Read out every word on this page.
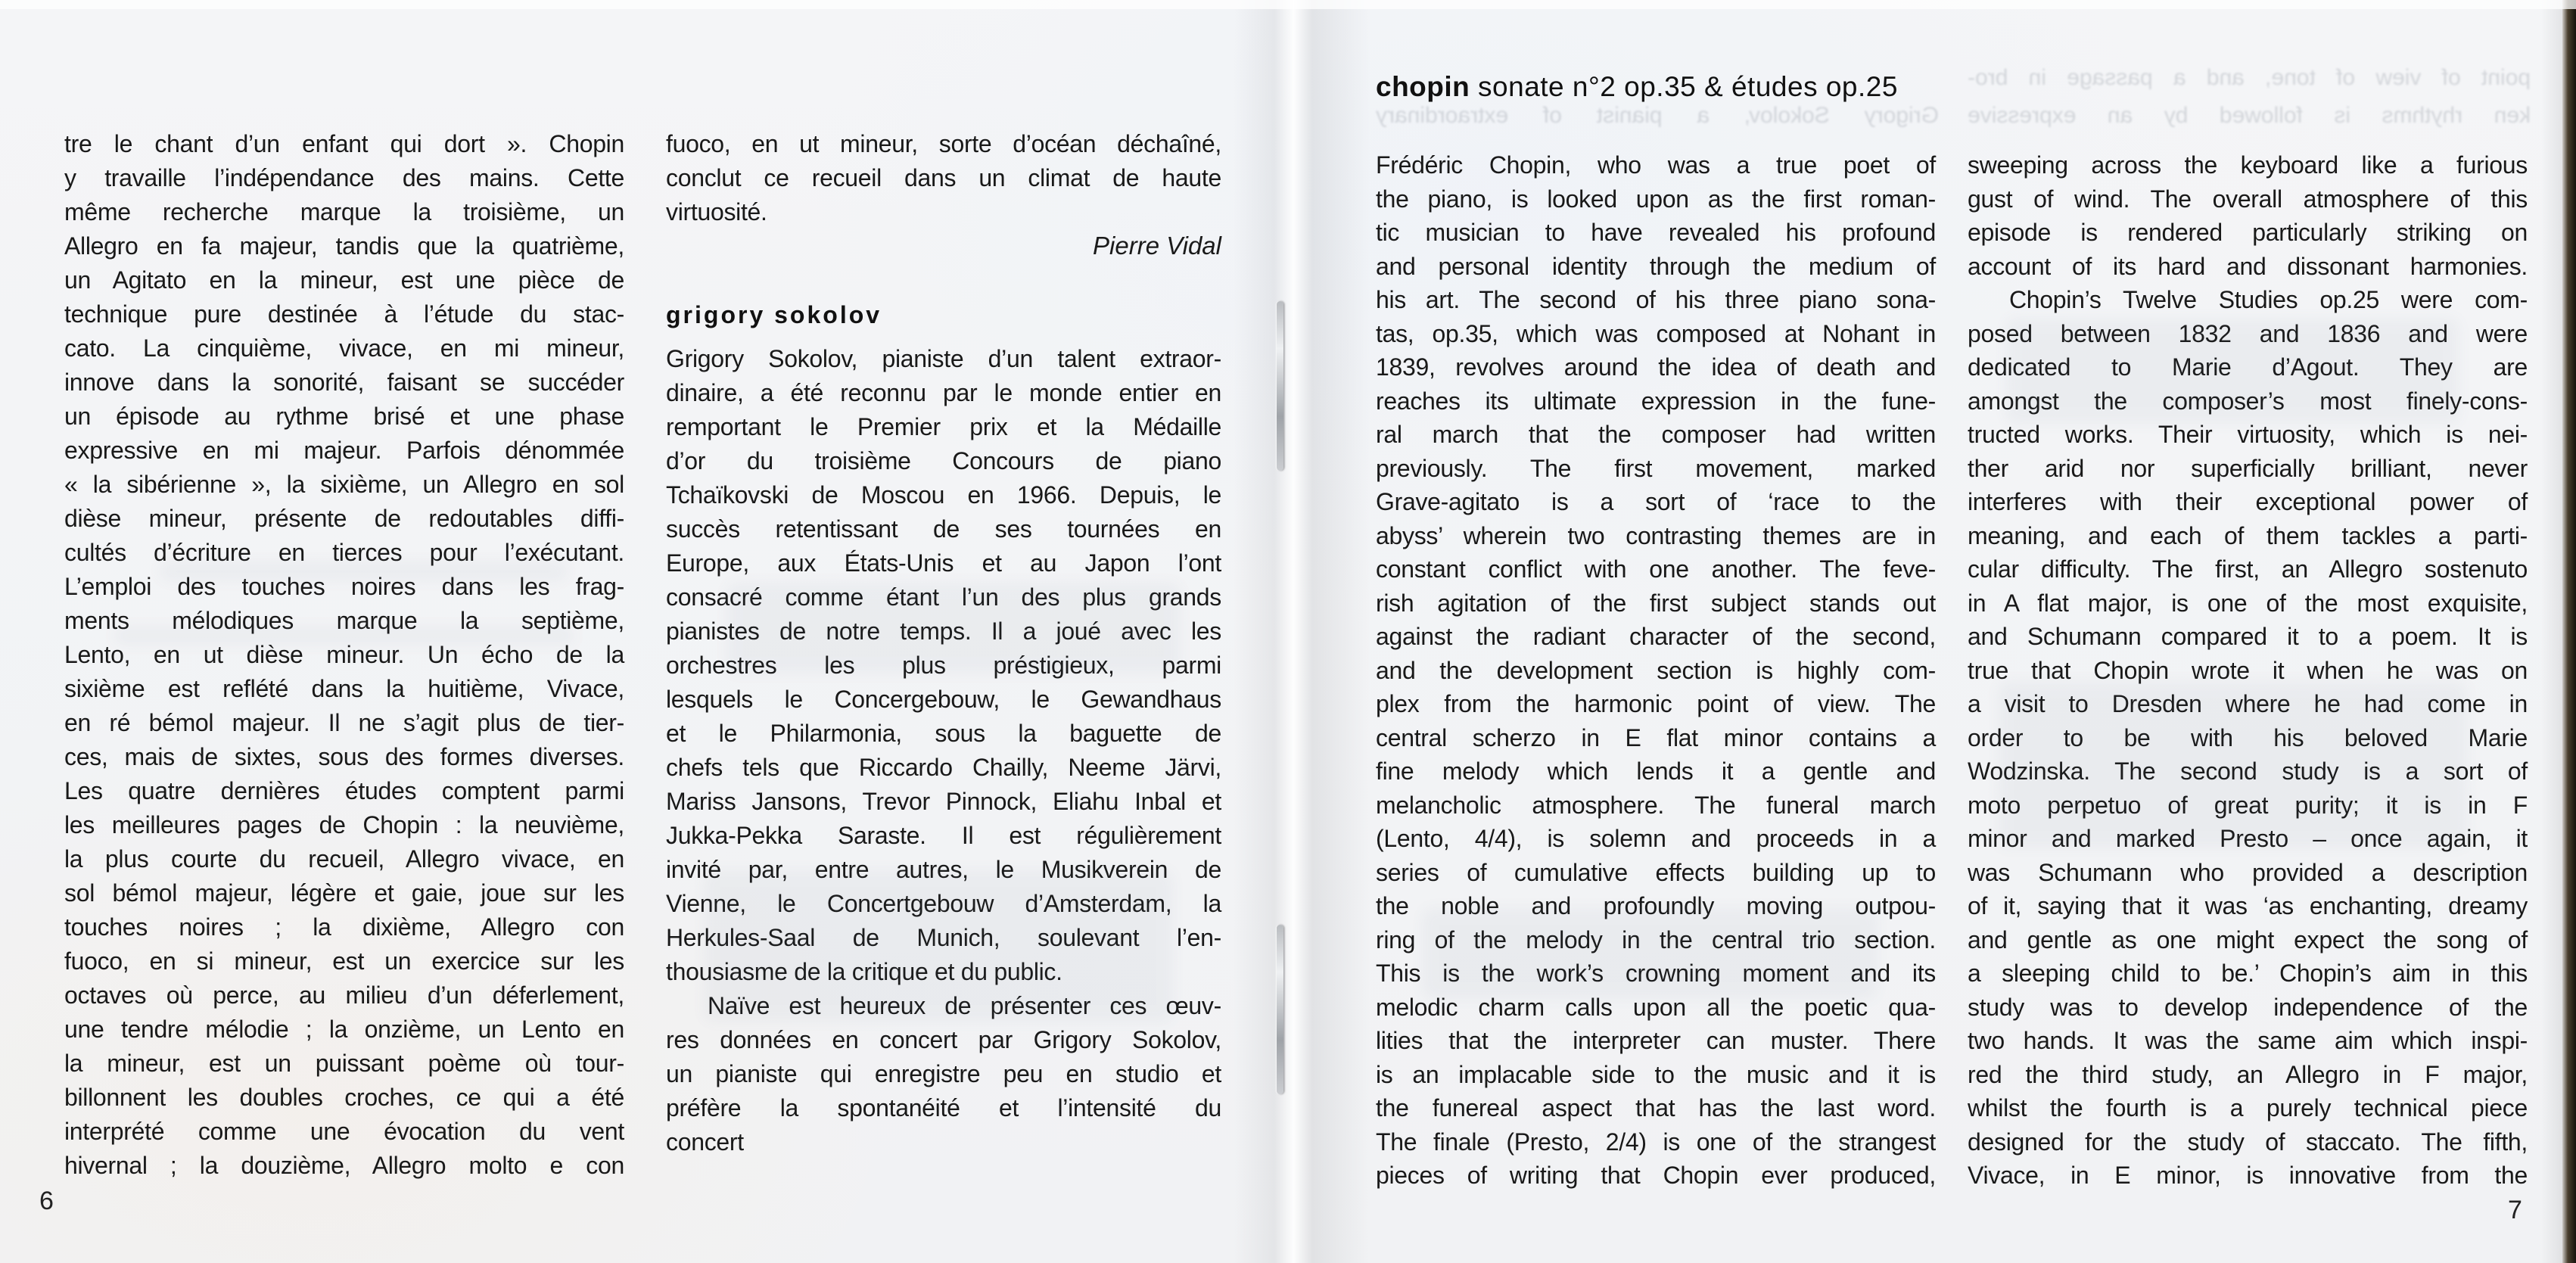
tre le chant d’un enfant qui dort ». Chopin
y travaille l’indépendance des mains. Cette
même recherche marque la troisième, un
Allegro en fa majeur, tandis que la quatrième,
un Agitato en la mineur, est une pièce de
technique pure destinée à l’étude du stac-
cato. La cinquième, vivace, en mi mineur,
innove dans la sonorité, faisant se succéder
un épisode au rythme brisé et une phase
expressive en mi majeur. Parfois dénommée
« la sibérienne », la sixième, un Allegro en sol
dièse mineur, présente de redoutables diffi-
cultés d’écriture en tierces pour l’exécutant.
L’emploi des touches noires dans les frag-
ments mélodiques marque la septième,
Lento, en ut dièse mineur. Un écho de la
sixième est reflété dans la huitième, Vivace,
en ré bémol majeur. Il ne s’agit plus de tier-
ces, mais de sixtes, sous des formes diverses.
Les quatre dernières études comptent parmi
les meilleures pages de Chopin : la neuvième,
la plus courte du recueil, Allegro vivace, en
sol bémol majeur, légère et gaie, joue sur les
touches noires ; la dixième, Allegro con
fuoco, en si mineur, est un exercice sur les
octaves où perce, au milieu d’un déferlement,
une tendre mélodie ; la onzième, un Lento en
la mineur, est un puissant poème où tour-
billonnent les doubles croches, ce qui a été
interprété comme une évocation du vent
hivernal ; la douzième, Allegro molto e con
fuoco, en ut mineur, sorte d’océan déchaîné,
conclut ce recueil dans un climat de haute
virtuosité.
Pierre Vidal
grigory sokolov
Grigory Sokolov, pianiste d’un talent extraor-
dinaire, a été reconnu par le monde entier en
remportant le Premier prix et la Médaille
d’or du troisième Concours de piano
Tchaïkovski de Moscou en 1966. Depuis, le
succès retentissant de ses tournées en
Europe, aux États-Unis et au Japon l’ont
consacré comme étant l’un des plus grands
pianistes de notre temps. Il a joué avec les
orchestres les plus préstigieux, parmi
lesquels le Concergebouw, le Gewandhaus
et le Philarmonia, sous la baguette de
chefs tels que Riccardo Chailly, Neeme Järvi,
Mariss Jansons, Trevor Pinnock, Eliahu Inbal et
Jukka-Pekka Saraste. Il est régulièrement
invité par, entre autres, le Musikverein de
Vienne, le Concertgebouw d’Amsterdam, la
Herkules-Saal de Munich, soulevant l’en-
thousiasme de la critique et du public.
Naïve est heureux de présenter ces œuv-
res données en concert par Grigory Sokolov,
un pianiste qui enregistre peu en studio et
préfère la spontanéité et l’intensité du
concert
6
chopin sonate n°2 op.35 & études op.25	point of view of tone, and a passage in bro-
ken rhythms is followed by an expressive
Grigory Sokolov, a pianist of extraordinary
Frédéric Chopin, who was a true poet of
the piano, is looked upon as the first roman-
tic musician to have revealed his profound
and personal identity through the medium of
his art. The second of his three piano sona-
tas, op.35, which was composed at Nohant in
1839, revolves around the idea of death and
reaches its ultimate expression in the fune-
ral march that the composer had written
previously. The first movement, marked
Grave-agitato is a sort of ‘race to the
abyss’ wherein two contrasting themes are in
constant conflict with one another. The feve-
rish agitation of the first subject stands out
against the radiant character of the second,
and the development section is highly com-
plex from the harmonic point of view. The
central scherzo in E flat minor contains a
fine melody which lends it a gentle and
melancholic atmosphere. The funeral march
(Lento, 4/4), is solemn and proceeds in a
series of cumulative effects building up to
the noble and profoundly moving outpou-
ring of the melody in the central trio section.
This is the work’s crowning moment and its
melodic charm calls upon all the poetic qua-
lities that the interpreter can muster. There
is an implacable side to the music and it is
the funereal aspect that has the last word.
The finale (Presto, 2/4) is one of the strangest
pieces of writing that Chopin ever produced,
sweeping across the keyboard like a furious
gust of wind. The overall atmosphere of this
episode is rendered particularly striking on
account of its hard and dissonant harmonies.
Chopin’s Twelve Studies op.25 were com-
posed between 1832 and 1836 and were
dedicated to Marie d’Agout. They are
amongst the composer’s most finely-cons-
tructed works. Their virtuosity, which is nei-
ther arid nor superficially brilliant, never
interferes with their exceptional power of
meaning, and each of them tackles a parti-
cular difficulty. The first, an Allegro sostenuto
in A flat major, is one of the most exquisite,
and Schumann compared it to a poem. It is
true that Chopin wrote it when he was on
a visit to Dresden where he had come in
order to be with his beloved Marie
Wodzinska. The second study is a sort of
moto perpetuo of great purity; it is in F
minor and marked Presto – once again, it
was Schumann who provided a description
of it, saying that it was ‘as enchanting, dreamy
and gentle as one might expect the song of
a sleeping child to be.’ Chopin’s aim in this
study was to develop independence of the
two hands. It was the same aim which inspi-
red the third study, an Allegro in F major,
whilst the fourth is a purely technical piece
designed for the study of staccato. The fifth,
Vivace, in E minor, is innovative from the
7
